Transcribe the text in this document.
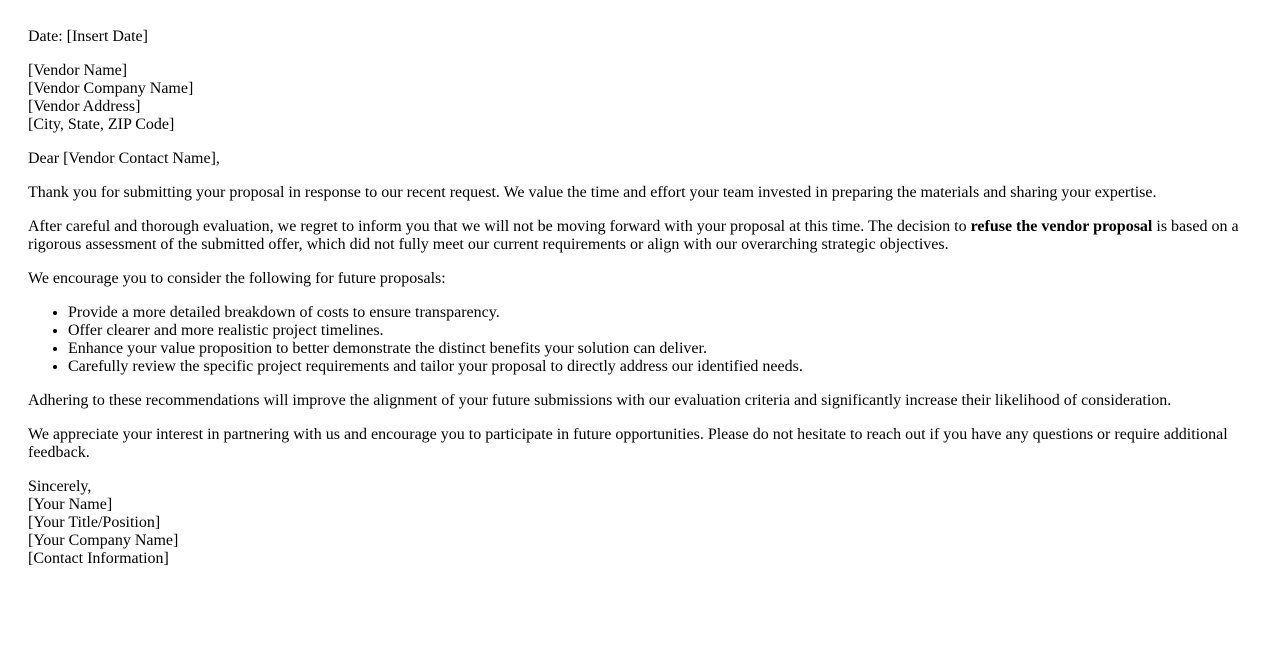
Date: [Insert Date]

[Vendor Name]
[Vendor Company Name]
[Vendor Address]
[City, State, ZIP Code]

Dear [Vendor Contact Name],

Thank you for submitting your proposal in response to our recent request. We value the time and effort your team invested in preparing the materials and sharing your expertise.

After careful and thorough evaluation, we regret to inform you that we will not be moving forward with your proposal at this time. The decision to refuse the vendor proposal is based on a rigorous assessment of the submitted offer, which did not fully meet our current requirements or align with our overarching strategic objectives.

We encourage you to consider the following for future proposals:

• Provide a more detailed breakdown of costs to ensure transparency.
• Offer clearer and more realistic project timelines.
• Enhance your value proposition to better demonstrate the distinct benefits your solution can deliver.
• Carefully review the specific project requirements and tailor your proposal to directly address our identified needs.

Adhering to these recommendations will improve the alignment of your future submissions with our evaluation criteria and significantly increase their likelihood of consideration.

We appreciate your interest in partnering with us and encourage you to participate in future opportunities. Please do not hesitate to reach out if you have any questions or require additional feedback.

Sincerely,
[Your Name]
[Your Title/Position]
[Your Company Name]
[Contact Information]
